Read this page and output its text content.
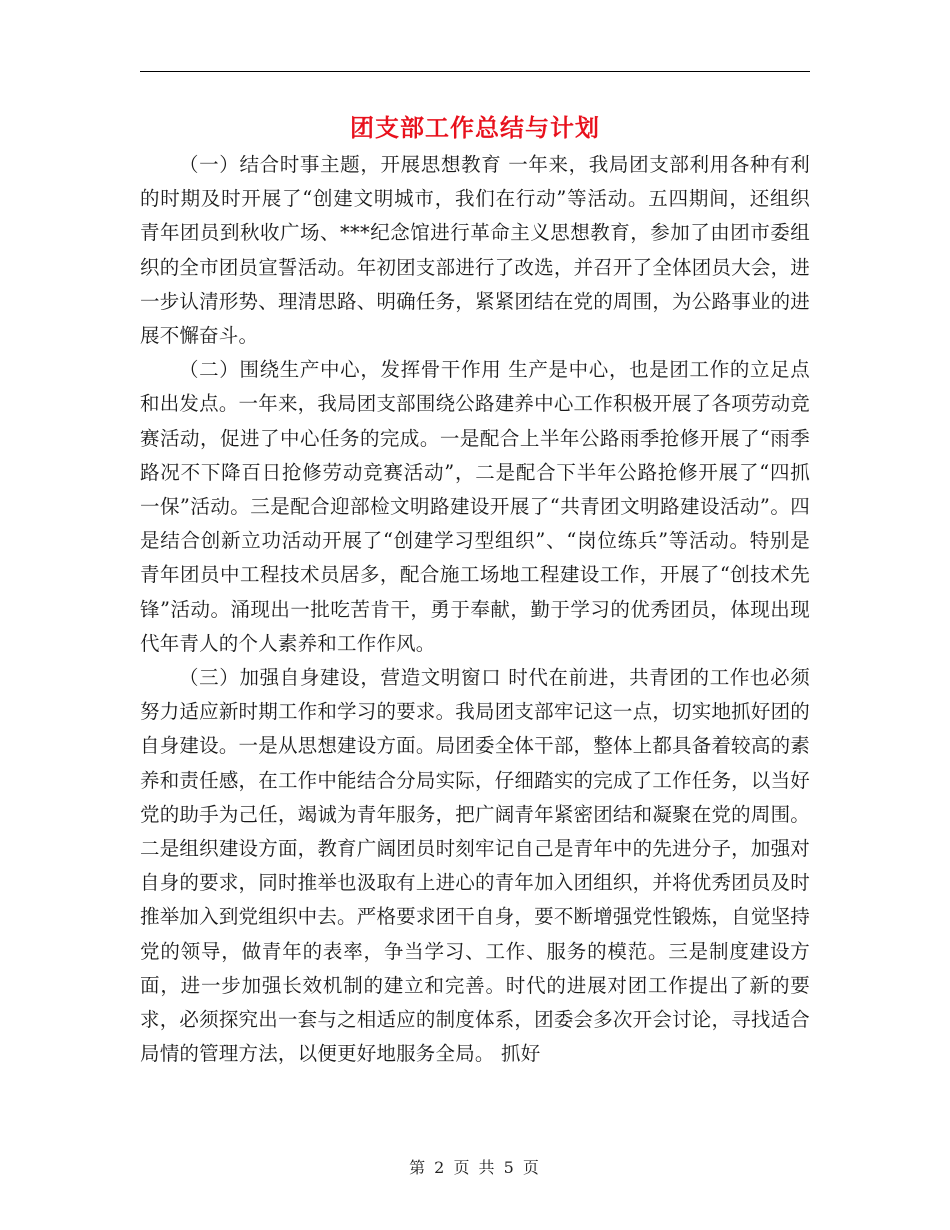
团支部工作总结与计划

（一）结合时事主题，开展思想教育 一年来，我局团支部利用各种有利的时期及时开展了“创建文明城市，我们在行动”等活动。五四期间，还组织青年团员到秋收广场、***纪念馆进行革命主义思想教育，参加了由团市委组织的全市团员宣誓活动。年初团支部进行了改选，并召开了全体团员大会，进一步认清形势、理清思路、明确任务，紧紧团结在党的周围，为公路事业的进展不懈奋斗。

（二）围绕生产中心，发挥骨干作用 生产是中心，也是团工作的立足点和出发点。一年来，我局团支部围绕公路建养中心工作积极开展了各项劳动竞赛活动，促进了中心任务的完成。一是配合上半年公路雨季抢修开展了“雨季路况不下降百日抢修劳动竞赛活动”，二是配合下半年公路抢修开展了“四抓一保”活动。三是配合迎部检文明路建设开展了“共青团文明路建设活动”。四是结合创新立功活动开展了“创建学习型组织”、“岗位练兵”等活动。特别是青年团员中工程技术员居多，配合施工场地工程建设工作，开展了“创技术先锋”活动。涌现出一批吃苦肯干，勇于奉献，勤于学习的优秀团员，体现出现代年青人的个人素养和工作作风。

（三）加强自身建设，营造文明窗口 时代在前进，共青团的工作也必须努力适应新时期工作和学习的要求。我局团支部牢记这一点，切实地抓好团的自身建设。一是从思想建设方面。局团委全体干部，整体上都具备着较高的素养和责任感，在工作中能结合分局实际，仔细踏实的完成了工作任务，以当好党的助手为己任，竭诚为青年服务，把广阔青年紧密团结和凝聚在党的周围。二是组织建设方面，教育广阔团员时刻牢记自己是青年中的先进分子，加强对自身的要求，同时推举也汲取有上进心的青年加入团组织，并将优秀团员及时推举加入到党组织中去。严格要求团干自身，要不断增强党性锻炼，自觉坚持党的领导，做青年的表率，争当学习、工作、服务的模范。三是制度建设方面，进一步加强长效机制的建立和完善。时代的进展对团工作提出了新的要求，必须探究出一套与之相适应的制度体系，团委会多次开会讨论，寻找适合局情的管理方法，以便更好地服务全局。 抓好

第 2 页 共 5 页
